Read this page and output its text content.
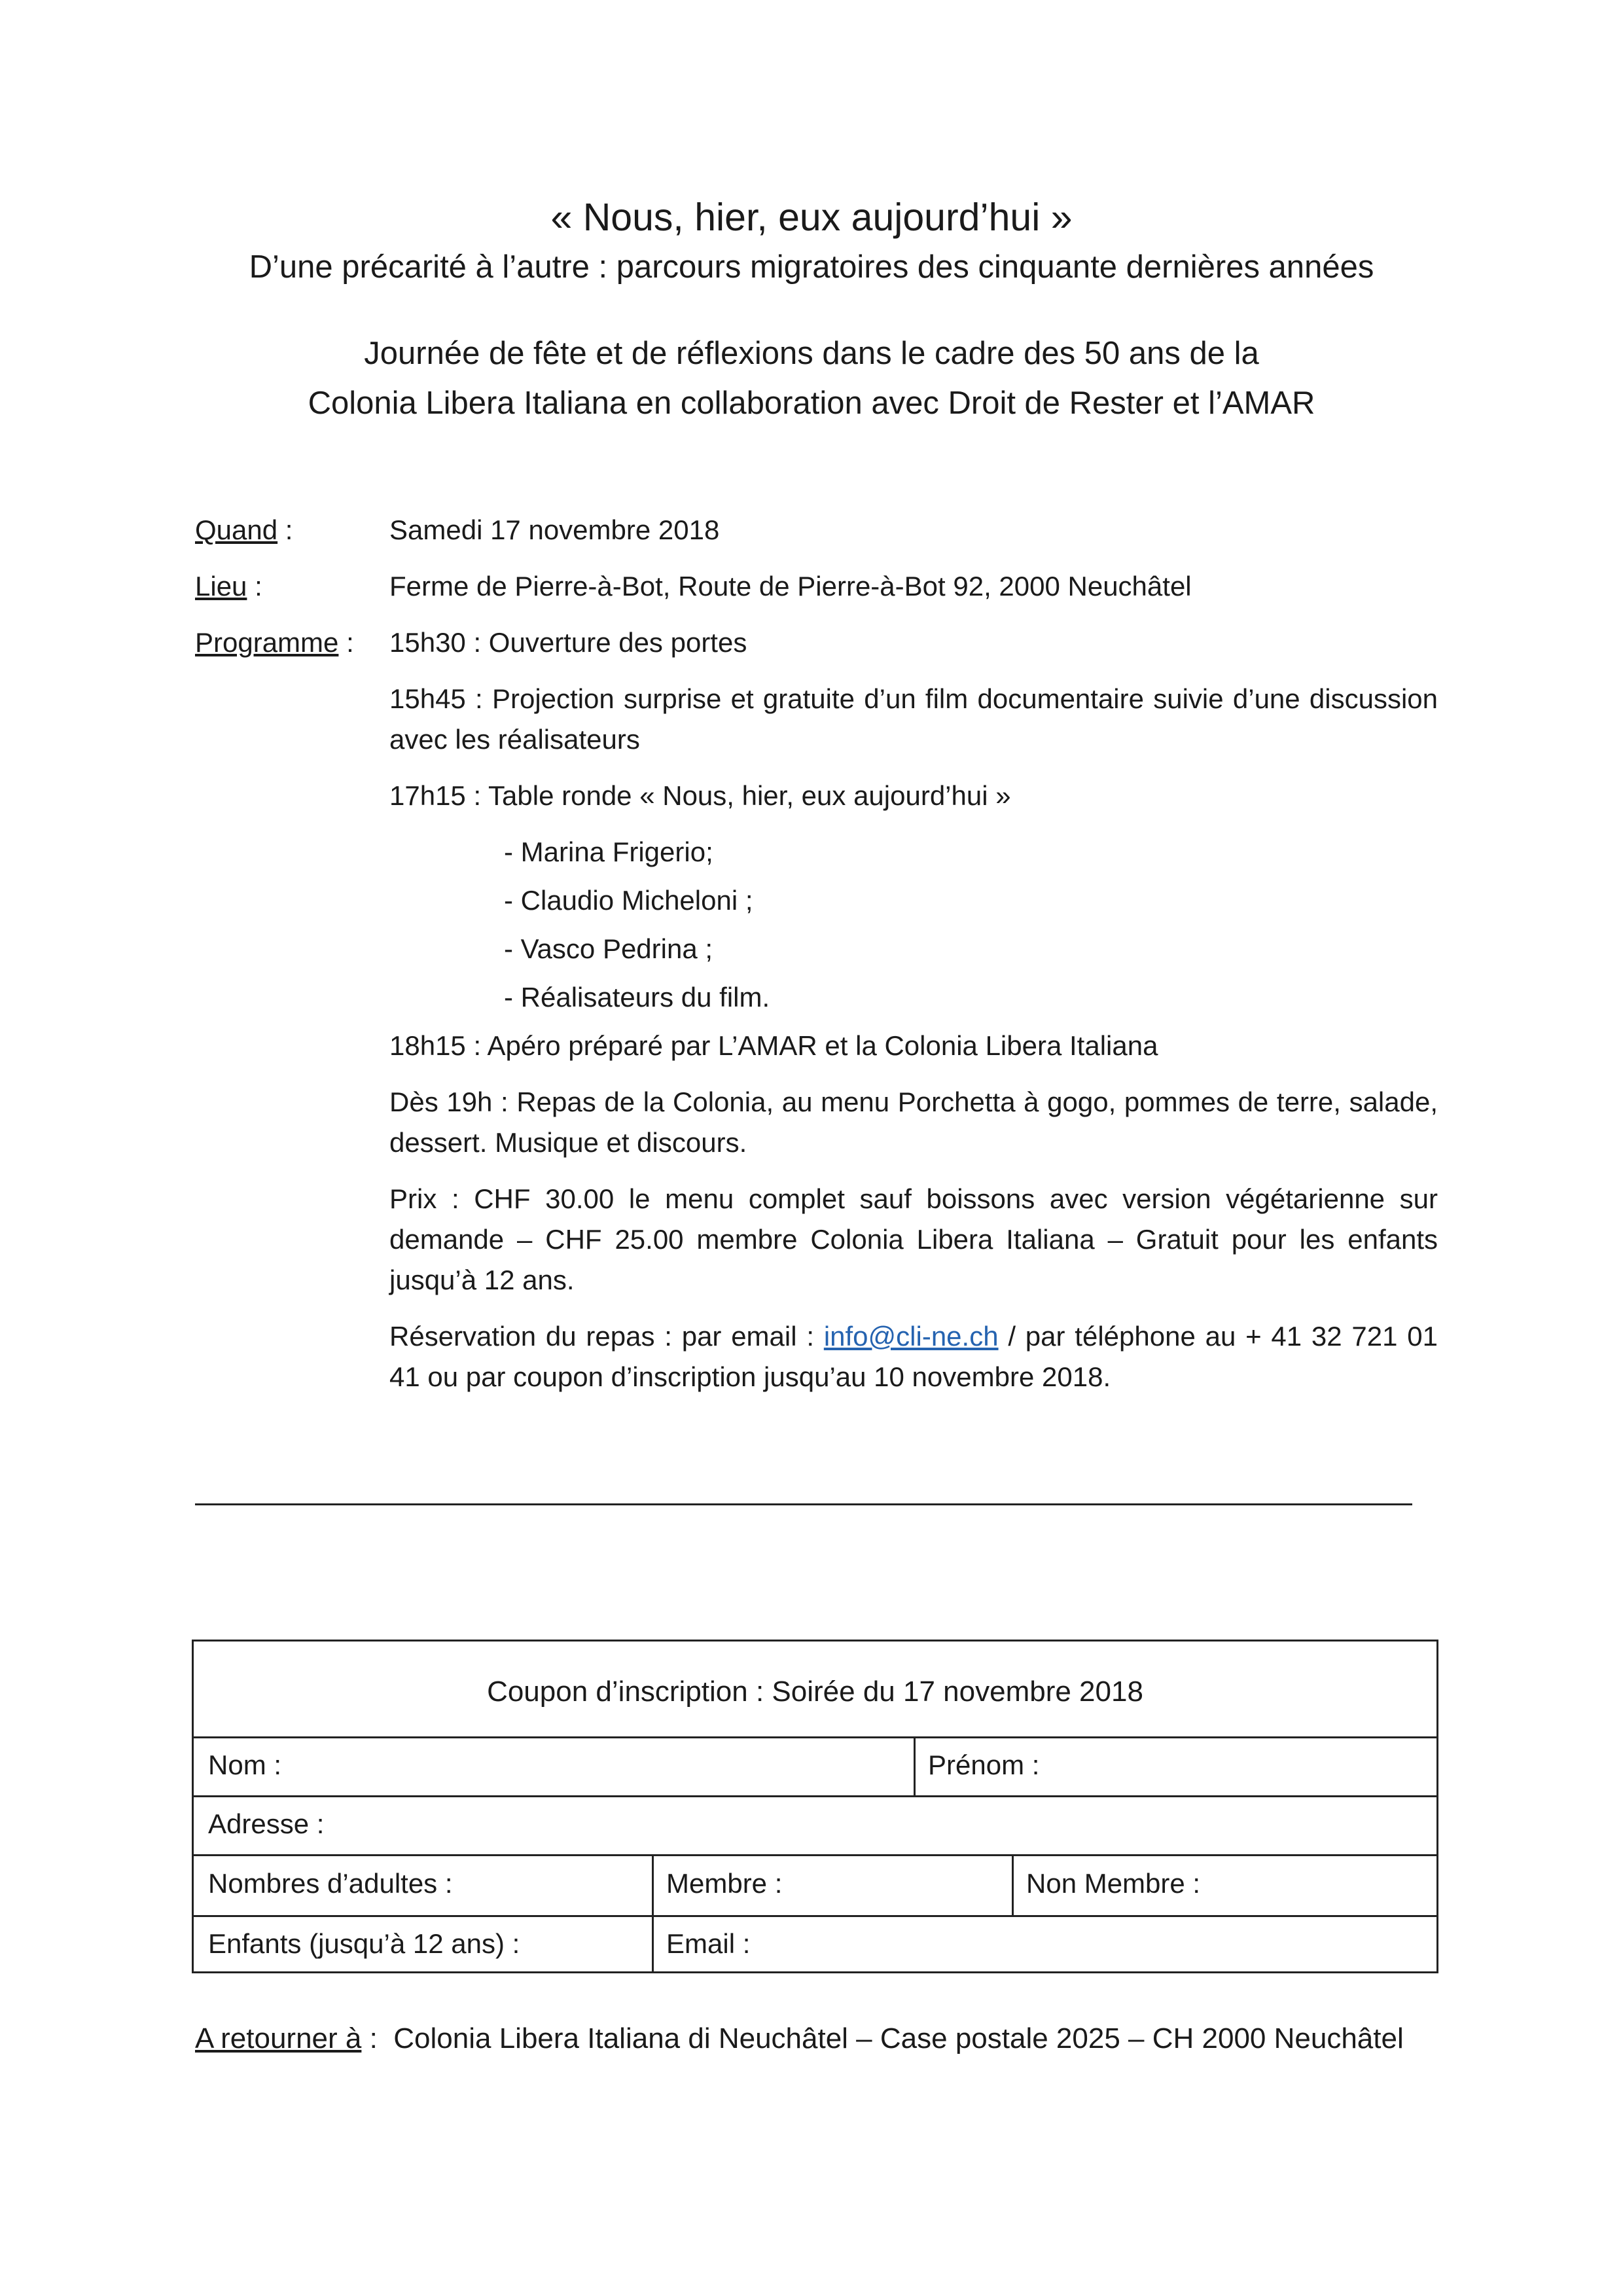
« Nous, hier, eux aujourd’hui »
D’une précarité à l’autre : parcours migratoires des cinquante dernières années
Journée de fête et de réflexions dans le cadre des 50 ans de la
Colonia Libera Italiana en collaboration avec Droit de Rester et l’AMAR
Quand :	Samedi 17 novembre 2018
Lieu :	Ferme de Pierre-à-Bot, Route de Pierre-à-Bot 92, 2000 Neuchâtel
Programme : 15h30 : Ouverture des portes
15h45 : Projection surprise et gratuite d’un film documentaire suivie d’une discussion avec les réalisateurs
17h15 : Table ronde « Nous, hier, eux aujourd’hui »
- Marina Frigerio;
- Claudio Micheloni ;
- Vasco Pedrina ;
- Réalisateurs du film.
18h15 : Apéro préparé par L’AMAR et la Colonia Libera Italiana
Dès 19h : Repas de la Colonia, au menu Porchetta à gogo, pommes de terre, salade, dessert. Musique et discours.
Prix : CHF 30.00 le menu complet sauf boissons avec version végétarienne sur demande – CHF 25.00 membre Colonia Libera Italiana – Gratuit pour les enfants jusqu’à 12 ans.
Réservation du repas : par email : info@cli-ne.ch / par téléphone au + 41 32 721 01 41 ou par coupon d’inscription jusqu’au 10 novembre 2018.
Coupon d’inscription : Soirée du 17 novembre 2018
Nom :	Prénom :
Adresse :
Nombres d’adultes :	Membre :	Non Membre :
Enfants (jusqu’à 12 ans) :	Email :
A retourner à :  Colonia Libera Italiana di Neuchâtel – Case postale 2025 – CH 2000 Neuchâtel
